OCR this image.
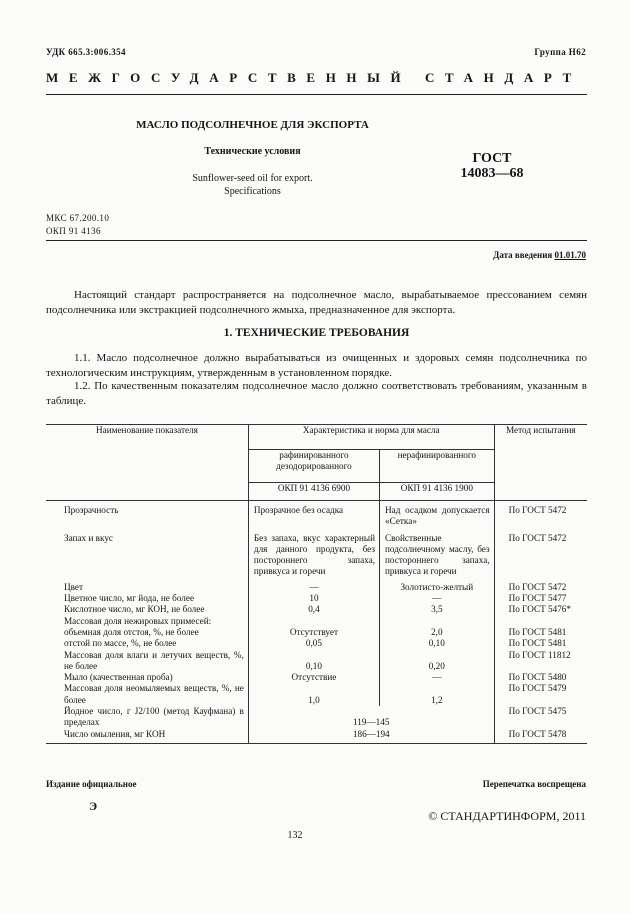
УДК 665.3:006.354	Группа Н62
МЕЖГОСУДАРСТВЕННЫЙ СТАНДАРТ
МАСЛО ПОДСОЛНЕЧНОЕ ДЛЯ ЭКСПОРТА
Технические условия
Sunflower-seed oil for export.
Specifications
ГОСТ
14083—68
МКС 67.200.10
ОКП 91 4136
Дата введения 01.01.70
Настоящий стандарт распространяется на подсолнечное масло, вырабатываемое прессованием семян подсолнечника или экстракцией подсолнечного жмыха, предназначенное для экспорта.
1. ТЕХНИЧЕСКИЕ ТРЕБОВАНИЯ
1.1. Масло подсолнечное должно вырабатываться из очищенных и здоровых семян подсолнечника по технологическим инструкциям, утвержденным в установленном порядке.
1.2. По качественным показателям подсолнечное масло должно соответствовать требованиям, указанным в таблице.
Наименование показателя	Характеристика и норма для масла		Метод испытания
	рафинированного дезодорированного	нерафинированного	
	ОКП 91 4136 6900	ОКП 91 4136 1900	
Прозрачность	Прозрачное без осадка	Над осадком допускается «Сетка»	По ГОСТ 5472
Запах и вкус	Без запаха, вкус характерный для данного продукта, без постороннего запаха, привкуса и горечи	Свойственные подсолнечному маслу, без постороннего запаха, привкуса и горечи	По ГОСТ 5472
Цвет	—	Золотисто-желтый	По ГОСТ 5472
Цветное число, мг йода, не более	10	—	По ГОСТ 5477
Кислотное число, мг КОН, не более	0,4	3,5	По ГОСТ 5476*
Массовая доля нежировых примесей:			
объемная доля отстоя, %, не более	Отсутствует	2,0	По ГОСТ 5481
отстой по массе, %, не более	0,05	0,10	По ГОСТ 5481
Массовая доля влаги и летучих веществ, %, не более	0,10	0,20	По ГОСТ 11812
Мыло (качественная проба)	Отсутствие	—	По ГОСТ 5480
Массовая доля неомыляемых веществ, %, не более	1,0	1,2	По ГОСТ 5479
Йодное число, г J2/100 (метод Кауфмана) в пределах	119—145		По ГОСТ 5475
Число омыления, мг КОН	186—194		По ГОСТ 5478
Издание официальное	Перепечатка воспрещена
Э
© СТАНДАРТИНФОРМ, 2011
132
